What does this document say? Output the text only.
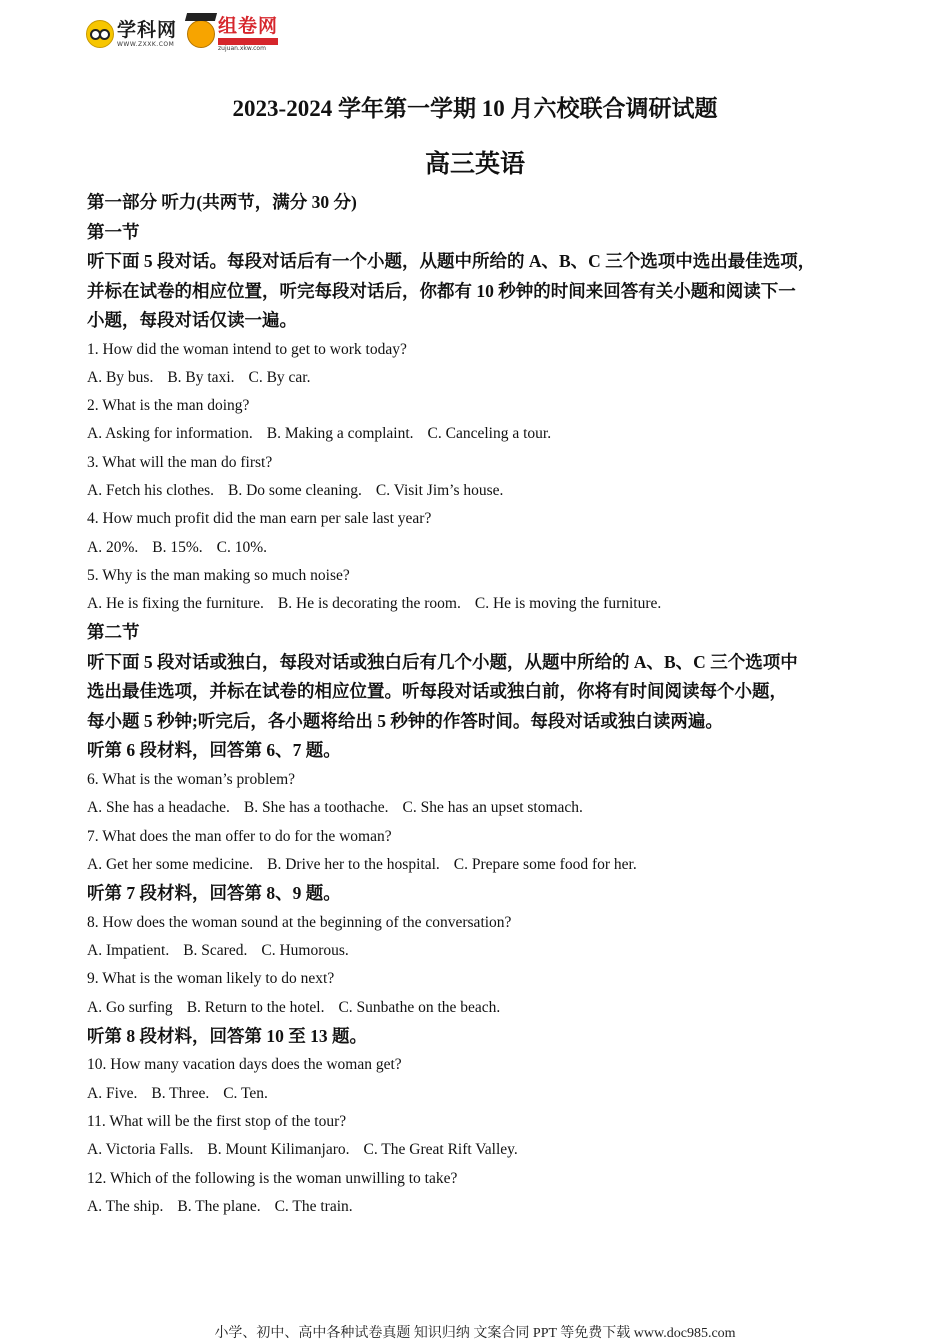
学科网
WWW.ZXXK.COM
组卷网

zujuan.xkw.com
2023-2024 学年第一学期 10 月六校联合调研试题
高三英语
第一部分 听力(共两节，满分 30 分)
第一节
听下面 5 段对话。每段对话后有一个小题，从题中所给的 A、B、C 三个选项中选出最佳选项，
并标在试卷的相应位置，听完每段对话后，你都有 10 秒钟的时间来回答有关小题和阅读下一
小题，每段对话仅读一遍。
1. How did the woman intend to get to work today?
A. By bus. B. By taxi. C. By car.
2. What is the man doing?
A. Asking for information. B. Making a complaint. C. Canceling a tour.
3. What will the man do first?
A. Fetch his clothes. B. Do some cleaning. C. Visit Jim’s house.
4. How much profit did the man earn per sale last year?
A. 20%. B. 15%. C. 10%.
5. Why is the man making so much noise?
A. He is fixing the furniture. B. He is decorating the room. C. He is moving the furniture.
第二节
听下面 5 段对话或独白，每段对话或独白后有几个小题，从题中所给的 A、B、C 三个选项中
选出最佳选项，并标在试卷的相应位置。听每段对话或独白前，你将有时间阅读每个小题，
每小题 5 秒钟;听完后，各小题将给出 5 秒钟的作答时间。每段对话或独白读两遍。
听第 6 段材料，回答第 6、7 题。
6. What is the woman’s problem?
A. She has a headache. B. She has a toothache. C. She has an upset stomach.
7. What does the man offer to do for the woman?
A. Get her some medicine. B. Drive her to the hospital. C. Prepare some food for her.
听第 7 段材料，回答第 8、9 题。
8. How does the woman sound at the beginning of the conversation?
A. Impatient. B. Scared. C. Humorous.
9. What is the woman likely to do next?
A. Go surfing B. Return to the hotel. C. Sunbathe on the beach.
听第 8 段材料，回答第 10 至 13 题。
10. How many vacation days does the woman get?
A. Five. B. Three. C. Ten.
11. What will be the first stop of the tour?
A. Victoria Falls. B. Mount Kilimanjaro. C. The Great Rift Valley.
12. Which of the following is the woman unwilling to take?
A. The ship. B. The plane. C. The train.
小学、初中、高中各种试卷真题 知识归纳 文案合同 PPT 等免费下载 www.doc985.com
